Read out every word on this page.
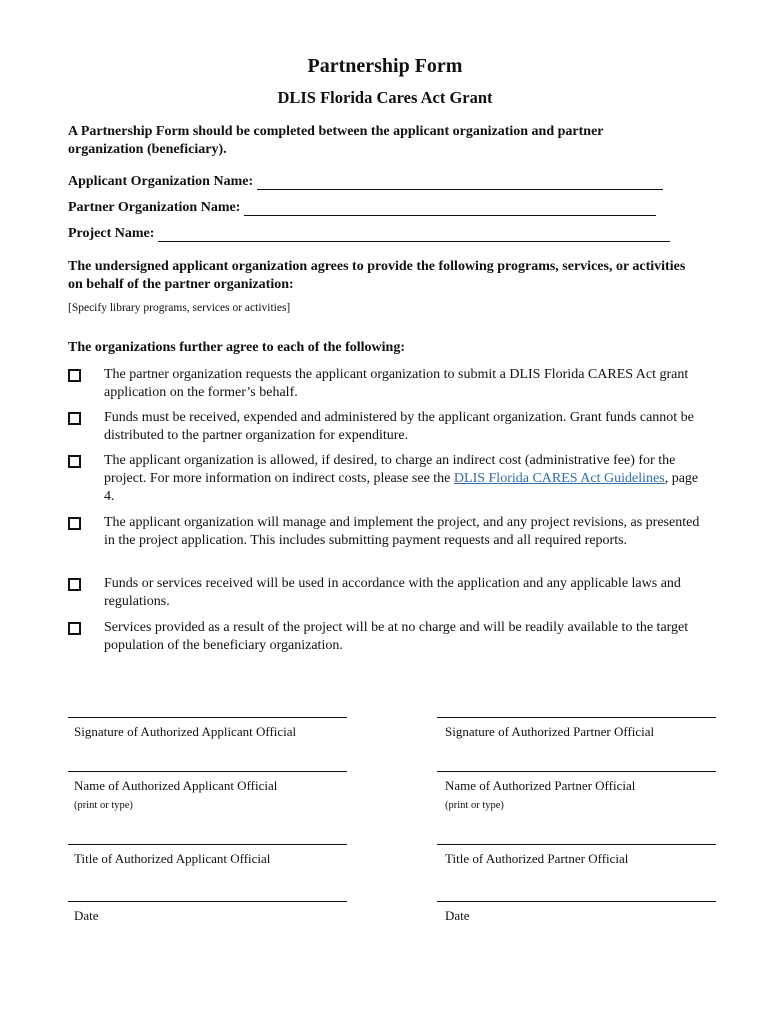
Partnership Form
DLIS Florida Cares Act Grant
A Partnership Form should be completed between the applicant organization and partner organization (beneficiary).
Applicant Organization Name:
Partner Organization Name:
Project Name:
The undersigned applicant organization agrees to provide the following programs, services, or activities on behalf of the partner organization:
[Specify library programs, services or activities]
The organizations further agree to each of the following:
The partner organization requests the applicant organization to submit a DLIS Florida CARES Act grant application on the former’s behalf.
Funds must be received, expended and administered by the applicant organization. Grant funds cannot be distributed to the partner organization for expenditure.
The applicant organization is allowed, if desired, to charge an indirect cost (administrative fee) for the project. For more information on indirect costs, please see the DLIS Florida CARES Act Guidelines, page 4.
The applicant organization will manage and implement the project, and any project revisions, as presented in the project application. This includes submitting payment requests and all required reports.
Funds or services received will be used in accordance with the application and any applicable laws and regulations.
Services provided as a result of the project will be at no charge and will be readily available to the target population of the beneficiary organization.
Signature of Authorized Applicant Official
Name of Authorized Applicant Official
(print or type)
Title of Authorized Applicant Official
Date
Signature of Authorized Partner Official
Name of Authorized Partner Official
(print or type)
Title of Authorized Partner Official
Date
